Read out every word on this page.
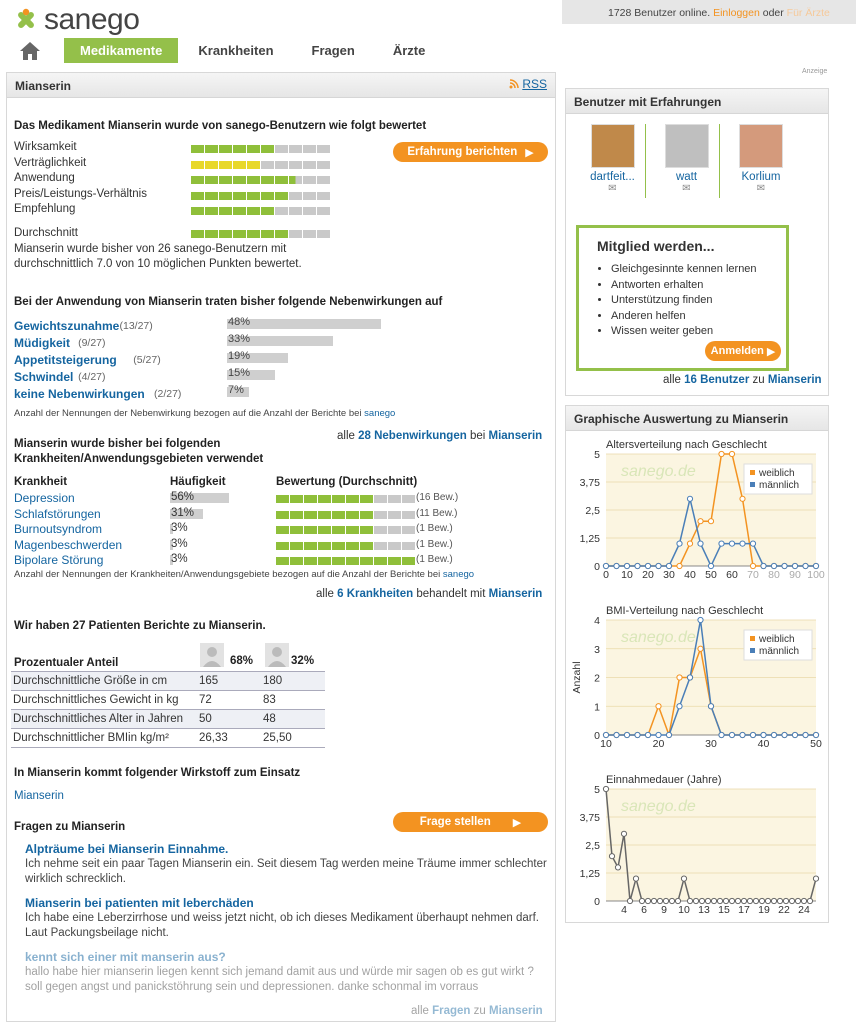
sanego	1728 Benutzer online. Einloggen oder Für Ärzte
Medikamente	Krankheiten	Fragen	Ärzte
Mianserin	RSS
Das Medikament Mianserin wurde von sanego-Benutzern wie folgt bewertet
Wirksamkeit
Verträglichkeit
Anwendung
Preis/Leistungs-Verhältnis
Empfehlung
Erfahrung berichten ▶
Durchschnitt
Mianserin wurde bisher von 26 sanego-Benutzern mit durchschnittlich 7.0 von 10 möglichen Punkten bewertet.
Bei der Anwendung von Mianserin traten bisher folgende Nebenwirkungen auf
Gewichtszunahme (13/27)	48%
Müdigkeit (9/27)	33%
Appetitsteigerung (5/27)	19%
Schwindel (4/27)	15%
keine Nebenwirkungen (2/27)	7%
Anzahl der Nennungen der Nebenwirkung bezogen auf die Anzahl der Berichte bei sanego
alle 28 Nebenwirkungen bei Mianserin
Mianserin wurde bisher bei folgenden
Krankheiten/Anwendungsgebieten verwendet
Krankheit	Häufigkeit	Bewertung (Durchschnitt)
Depression	56%	(16 Bew.)
Schlafstörungen	31%	(11 Bew.)
Burnoutsyndrom	3%	(1 Bew.)
Magenbeschwerden	3%	(1 Bew.)
Bipolare Störung	3%	(1 Bew.)
Anzahl der Nennungen der Krankheiten/Anwendungsgebiete bezogen auf die Anzahl der Berichte bei sanego
alle 6 Krankheiten behandelt mit Mianserin
Wir haben 27 Patienten Berichte zu Mianserin.
68%	32%
Prozentualer Anteil
Durchschnittliche Größe in cm	165	180
Durchschnittliches Gewicht in kg	72	83
Durchschnittliches Alter in Jahren	50	48
Durchschnittlicher BMIin kg/m²	26,33	25,50
In Mianserin kommt folgender Wirkstoff zum Einsatz
Mianserin
Fragen zu Mianserin	Frage stellen ▶
Alpträume bei Mianserin Einnahme.
Ich nehme seit ein paar Tagen Mianserin ein. Seit diesem Tag werden meine Träume immer schlechter wirklich schrecklich.
Mianserin bei patienten mit leberchäden
Ich habe eine Leberzirrhose und weiss jetzt nicht, ob ich dieses Medikament überhaupt nehmen darf. Laut Packungsbeilage nicht.
kennt sich einer mit manserin aus?
hallo habe hier mianserin liegen kennt sich jemand damit aus und würde mir sagen ob es gut wirkt ? soll gegen angst und panickstöhrung sein und depressionen. danke schonmal im vorraus
alle Fragen zu Mianserin
Anzeige
Benutzer mit Erfahrungen
dartfeit...
✉
watt
✉
Korlium
✉
Mitglied werden...
• Gleichgesinnte kennen lernen
• Antworten erhalten
• Unterstützung finden
• Anderen helfen
• Wissen weiter geben
Anmelden ▶
alle 16 Benutzer zu Mianserin
Graphische Auswertung zu Mianserin
Altersverteilung nach Geschlecht
sanego.de
0
1,25
2,5
3,75
5
0 10 20 30 40 50 60 70 80 90 100
weiblich
männlich
BMI-Verteilung nach Geschlecht
sanego.de
0
1
2
3
4
10	20	30	40	50
Anzahl
weiblich
männlich
Einnahmedauer (Jahre)
sanego.de
0
1,25
2,5
3,75
5
4 6 9 10 13 15 17 19 22 24
